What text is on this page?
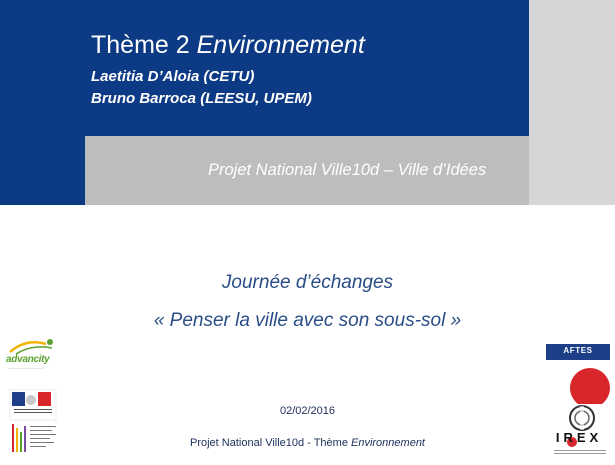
Thème 2 Environnement
Laetitia D’Aloia (CETU)
Bruno Barroca (LEESU, UPEM)
Projet National Ville10d – Ville d’Idées
Journée d’échanges
« Penser la ville avec son sous-sol »
02/02/2016
Projet National Ville10d - Thème Environnement
advancity
——————————
AFTES
IREX
